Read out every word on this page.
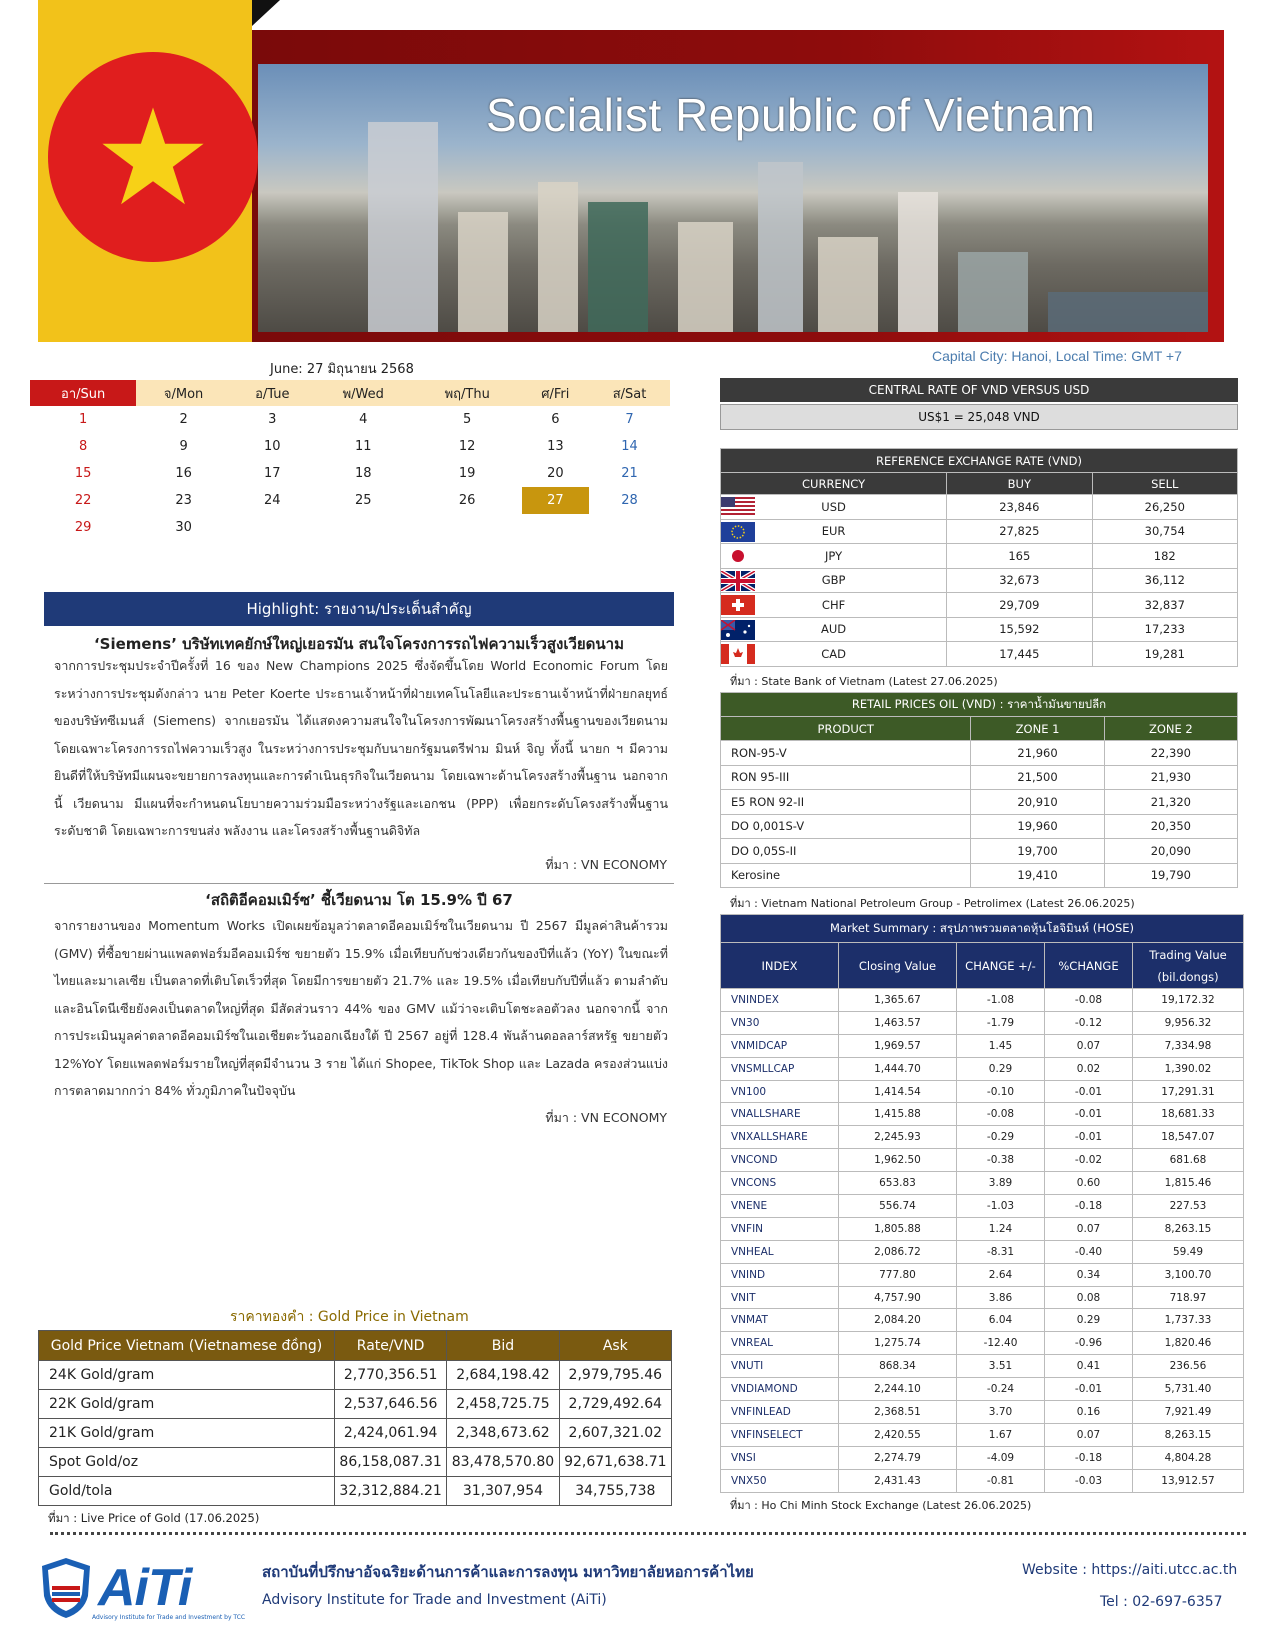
Socialist Republic of Vietnam
Capital City: Hanoi, Local Time: GMT +7
June: 27 มิถุนายน 2568
อา/Sun	จ/Mon	อ/Tue	พ/Wed	พฤ/Thu	ศ/Fri	ส/Sat
1	2	3	4	5	6	7
8	9	10	11	12	13	14
15	16	17	18	19	20	21
22	23	24	25	26	27	28
29	30					
Highlight: รายงาน/ประเด็นสำคัญ
‘Siemens’ บริษัทเทคยักษ์ใหญ่เยอรมัน สนใจโครงการรถไฟความเร็วสูงเวียดนาม
จากการประชุมประจำปีครั้งที่ 16 ของ New Champions 2025 ซึ่งจัดขึ้นโดย World Economic Forum โดยระหว่างการประชุมดังกล่าว นาย Peter Koerte ประธานเจ้าหน้าที่ฝ่ายเทคโนโลยีและประธานเจ้าหน้าที่ฝ่ายกลยุทธ์ของบริษัทซีเมนส์ (Siemens) จากเยอรมัน ได้แสดงความสนใจในโครงการพัฒนาโครงสร้างพื้นฐานของเวียดนาม โดยเฉพาะโครงการรถไฟความเร็วสูง ในระหว่างการประชุมกับนายกรัฐมนตรีฟาม มินห์ จิญ ทั้งนี้ นายก ฯ มีความยินดีที่ให้บริษัทมีแผนจะขยายการลงทุนและการดำเนินธุรกิจในเวียดนาม โดยเฉพาะด้านโครงสร้างพื้นฐาน นอกจากนี้ เวียดนาม มีแผนที่จะกำหนดนโยบายความร่วมมือระหว่างรัฐและเอกชน (PPP) เพื่อยกระดับโครงสร้างพื้นฐานระดับชาติ โดยเฉพาะการขนส่ง พลังงาน และโครงสร้างพื้นฐานดิจิทัล
ที่มา : VN ECONOMY
‘สถิติอีคอมเมิร์ซ’ ชี้เวียดนาม โต 15.9% ปี 67
จากรายงานของ Momentum Works เปิดเผยข้อมูลว่าตลาดอีคอมเมิร์ซในเวียดนาม ปี 2567 มีมูลค่าสินค้ารวม (GMV) ที่ซื้อขายผ่านแพลตฟอร์มอีคอมเมิร์ซ ขยายตัว 15.9% เมื่อเทียบกับช่วงเดียวกันของปีที่แล้ว (YoY) ในขณะที่ไทยและมาเลเซีย เป็นตลาดที่เติบโตเร็วที่สุด โดยมีการขยายตัว 21.7% และ 19.5% เมื่อเทียบกับปีที่แล้ว ตามลำดับ และอินโดนีเซียยังคงเป็นตลาดใหญ่ที่สุด มีสัดส่วนราว 44% ของ GMV แม้ว่าจะเติบโตชะลอตัวลง นอกจากนี้ จากการประเมินมูลค่าตลาดอีคอมเมิร์ซในเอเชียตะวันออกเฉียงใต้ ปี 2567 อยู่ที่ 128.4 พันล้านดอลลาร์สหรัฐ ขยายตัว 12%YoY โดยแพลตฟอร์มรายใหญ่ที่สุดมีจำนวน 3 ราย ได้แก่ Shopee, TikTok Shop และ Lazada ครองส่วนแบ่งการตลาดมากกว่า 84% ทั่วภูมิภาคในปัจจุบัน
ที่มา : VN ECONOMY
ราคาทองคำ : Gold Price in Vietnam
Gold Price Vietnam (Vietnamese đồng)	Rate/VND	Bid	Ask
24K Gold/gram	2,770,356.51	2,684,198.42	2,979,795.46
22K Gold/gram	2,537,646.56	2,458,725.75	2,729,492.64
21K Gold/gram	2,424,061.94	2,348,673.62	2,607,321.02
Spot Gold/oz	86,158,087.31	83,478,570.80	92,671,638.71
Gold/tola	32,312,884.21	31,307,954	34,755,738
ที่มา : Live Price of Gold (17.06.2025)
CENTRAL RATE OF VND VERSUS USD
US$1 = 25,048 VND
REFERENCE EXCHANGE RATE (VND)		
CURRENCY	BUY	SELL

USD	23,846	26,250

EUR	27,825	30,754

JPY	165	182

GBP	32,673	36,112

CHF	29,709	32,837

AUD	15,592	17,233

CAD	17,445	19,281
ที่มา : State Bank of Vietnam (Latest 27.06.2025)
RETAIL PRICES OIL (VND) : ราคาน้ำมันขายปลีก		
PRODUCT	ZONE 1	ZONE 2
RON-95-V	21,960	22,390
RON 95-III	21,500	21,930
E5 RON 92-II	20,910	21,320
DO 0,001S-V	19,960	20,350
DO 0,05S-II	19,700	20,090
Kerosine	19,410	19,790
ที่มา : Vietnam National Petroleum Group - Petrolimex (Latest 26.06.2025)
Market Summary : สรุปภาพรวมตลาดหุ้นโฮจิมินห์ (HOSE)				
INDEX	Closing Value	CHANGE +/-	%CHANGE	Trading Value (bil.dongs)
VNINDEX	1,365.67	-1.08	-0.08	19,172.32
VN30	1,463.57	-1.79	-0.12	9,956.32
VNMIDCAP	1,969.57	1.45	0.07	7,334.98
VNSMLLCAP	1,444.70	0.29	0.02	1,390.02
VN100	1,414.54	-0.10	-0.01	17,291.31
VNALLSHARE	1,415.88	-0.08	-0.01	18,681.33
VNXALLSHARE	2,245.93	-0.29	-0.01	18,547.07
VNCOND	1,962.50	-0.38	-0.02	681.68
VNCONS	653.83	3.89	0.60	1,815.46
VNENE	556.74	-1.03	-0.18	227.53
VNFIN	1,805.88	1.24	0.07	8,263.15
VNHEAL	2,086.72	-8.31	-0.40	59.49
VNIND	777.80	2.64	0.34	3,100.70
VNIT	4,757.90	3.86	0.08	718.97
VNMAT	2,084.20	6.04	0.29	1,737.33
VNREAL	1,275.74	-12.40	-0.96	1,820.46
VNUTI	868.34	3.51	0.41	236.56
VNDIAMOND	2,244.10	-0.24	-0.01	5,731.40
VNFINLEAD	2,368.51	3.70	0.16	7,921.49
VNFINSELECT	2,420.55	1.67	0.07	8,263.15
VNSI	2,274.79	-4.09	-0.18	4,804.28
VNX50	2,431.43	-0.81	-0.03	13,912.57
ที่มา : Ho Chi Minh Stock Exchange (Latest 26.06.2025)
AiTi
Advisory Institute for Trade and Investment by TCC
สถาบันที่ปรึกษาอัจฉริยะด้านการค้าและการลงทุน มหาวิทยาลัยหอการค้าไทย
Advisory Institute for Trade and Investment (AiTi)
Website : https://aiti.utcc.ac.th
Tel : 02-697-6357
